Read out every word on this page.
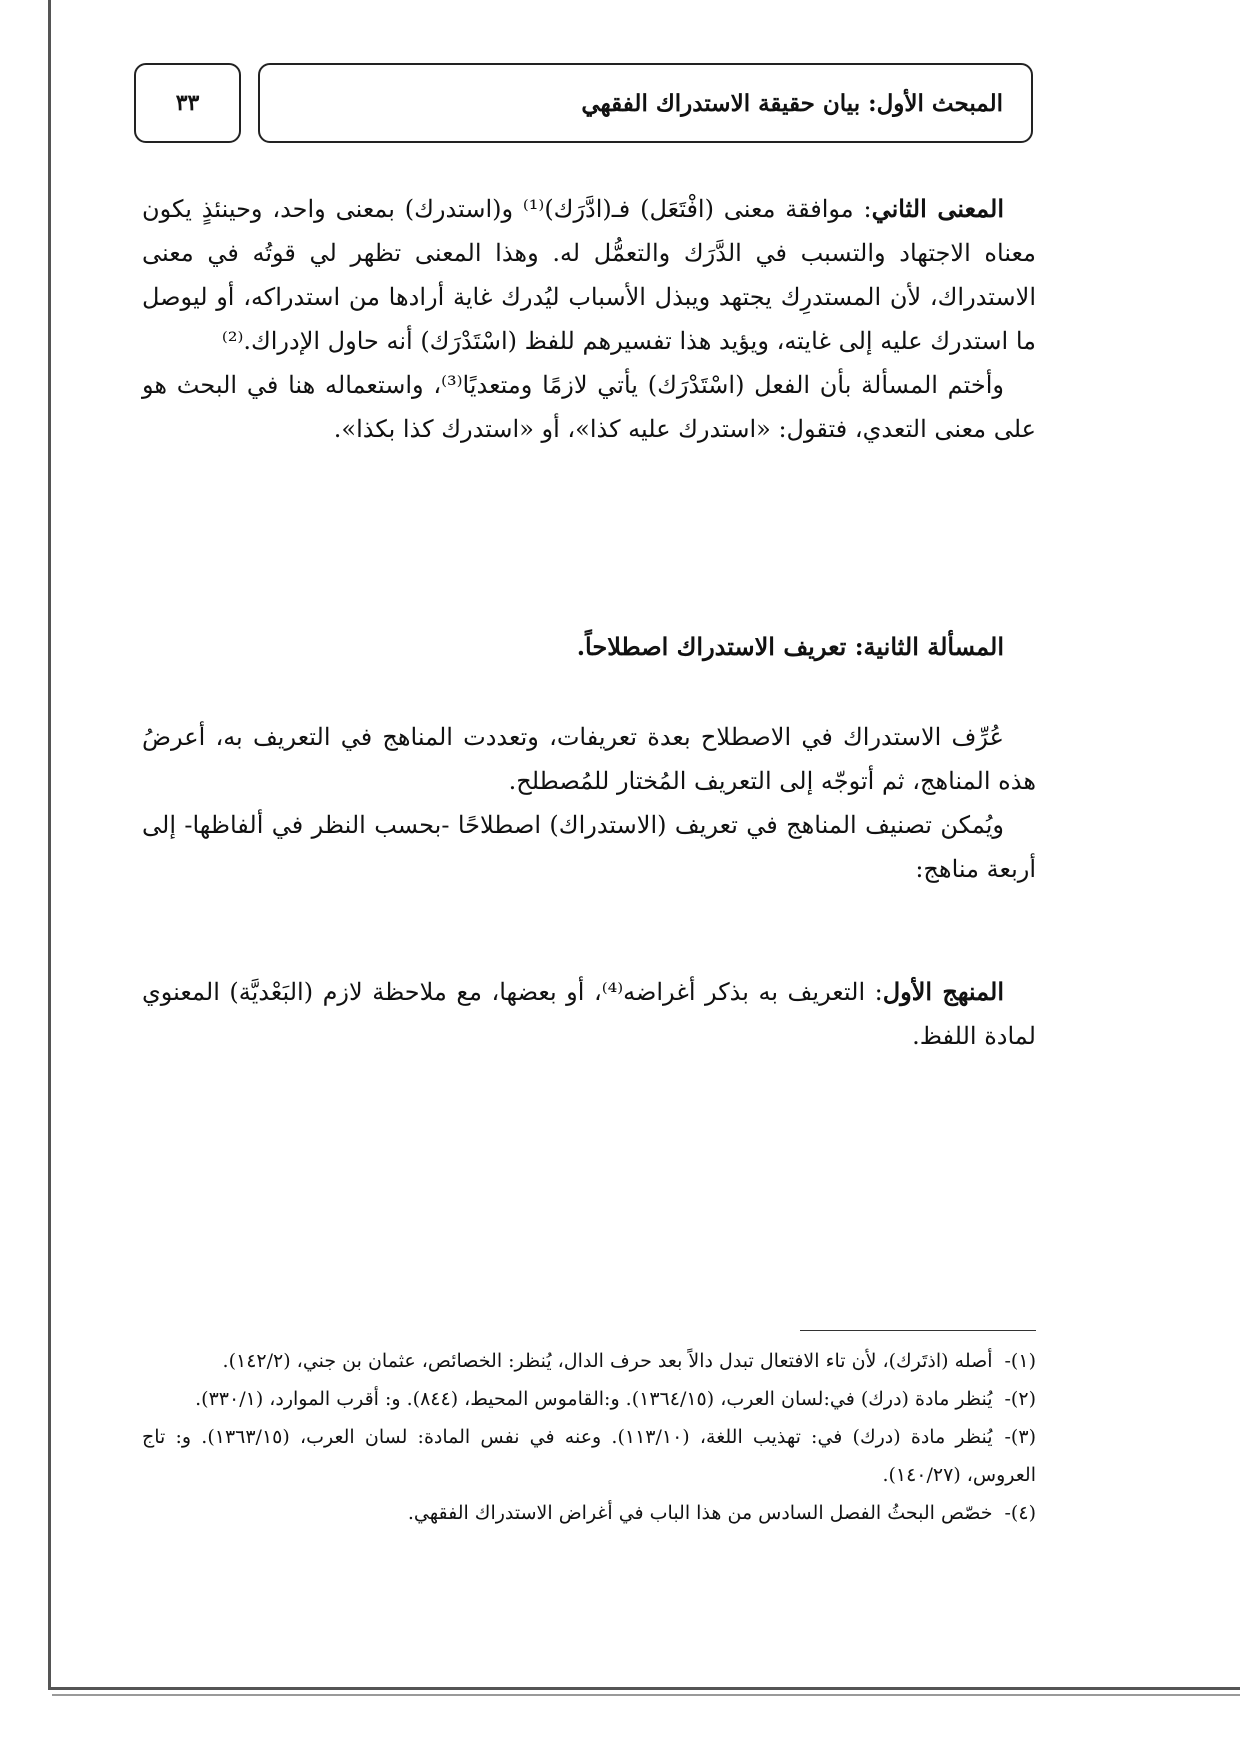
المبحث الأول: بيان حقيقة الاستدراك الفقهي
٣٣

المعنى الثاني: موافقة معنى (افْتَعَل) فـ(ادَّرَك)⁽¹⁾ و(استدرك) بمعنى واحد، وحينئذٍ يكون معناه الاجتهاد والتسبب في الدَّرَك والتعمُّل له. وهذا المعنى تظهر لي قوتُه في معنى الاستدراك، لأن المستدرِك يجتهد ويبذل الأسباب ليُدرك غاية أرادها من استدراكه، أو ليوصل ما استدرك عليه إلى غايته، ويؤيد هذا تفسيرهم للفظ (اسْتَدْرَك) أنه حاول الإدراك.⁽²⁾

وأختم المسألة بأن الفعل (اسْتَدْرَك) يأتي لازمًا ومتعديًا⁽³⁾، واستعماله هنا في البحث هو على معنى التعدي، فتقول: «استدرك عليه كذا»، أو «استدرك كذا بكذا».

المسألة الثانية: تعريف الاستدراك اصطلاحاً.

عُرِّف الاستدراك في الاصطلاح بعدة تعريفات، وتعددت المناهج في التعريف به، أعرضُ هذه المناهج، ثم أتوجّه إلى التعريف المُختار للمُصطلح.

ويُمكن تصنيف المناهج في تعريف (الاستدراك) اصطلاحًا -بحسب النظر في ألفاظها- إلى أربعة مناهج:

المنهج الأول: التعريف به بذكر أغراضه⁽⁴⁾، أو بعضها، مع ملاحظة لازم (البَعْديَّة) المعنوي لمادة اللفظ.

(١)-أصله (اذتَرك)، لأن تاء الافتعال تبدل دالاً بعد حرف الدال، يُنظر: الخصائص، عثمان بن جني، (١٤٢/٢).

(٢)-يُنظر مادة (درك) في:لسان العرب، (١٣٦٤/١٥). و:القاموس المحيط، (٨٤٤). و: أقرب الموارد، (٣٣٠/١).

(٣)-يُنظر مادة (درك) في: تهذيب اللغة، (١١٣/١٠). وعنه في نفس المادة: لسان العرب، (١٣٦٣/١٥). و: تاج العروس، (١٤٠/٢٧).

(٤)-خصّص البحثُ الفصل السادس من هذا الباب في أغراض الاستدراك الفقهي.
